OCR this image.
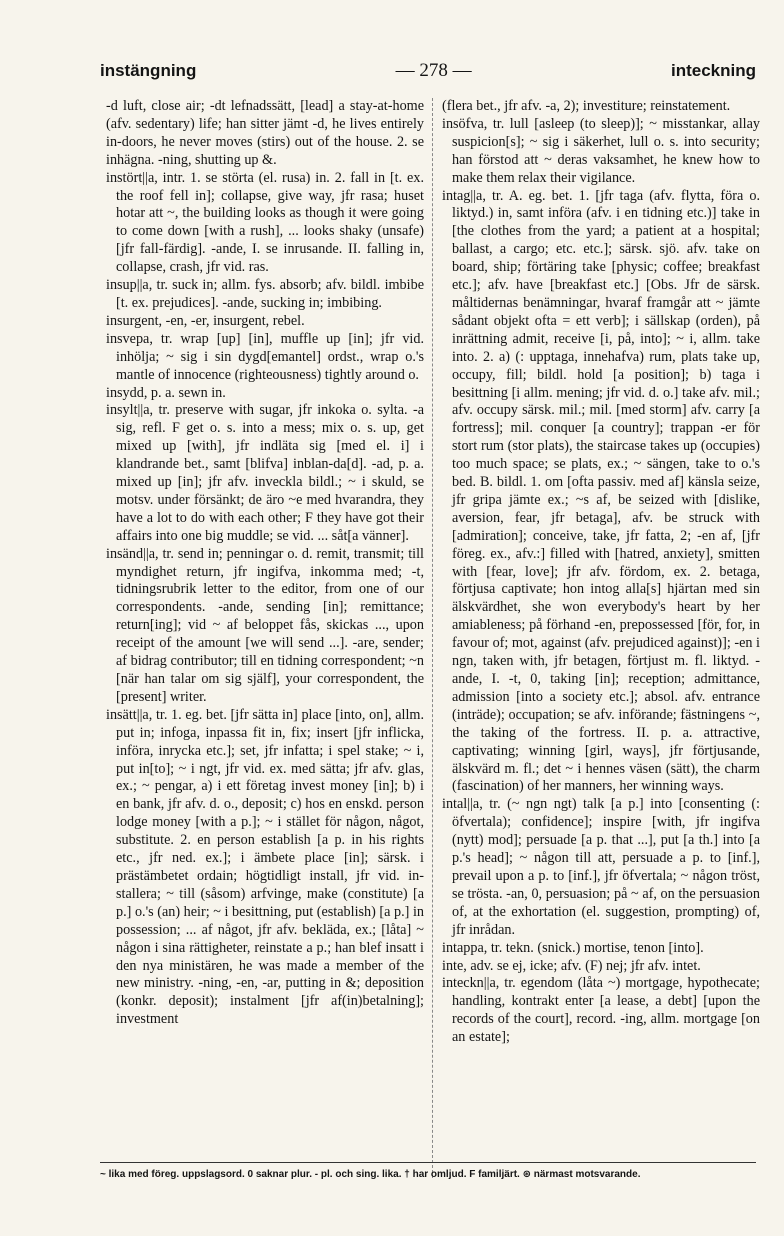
instängning	— 278 —	inteckning

-d luft, close air; -dt lefnadssätt, [lead] a stay-at-home (afv. sedentary) life; han sitter jämt -d, he lives entirely in-doors, he never moves (stirs) out of the house. 2. se inhägna. -ning, shutting up &.

instört||a, intr. 1. se störta (el. rusa) in. 2. fall in [t. ex. the roof fell in]; collapse, give way, jfr rasa; huset hotar att ~, the building looks as though it were going to come down [with a rush], ... looks shaky (unsafe) [jfr fall-färdig]. -ande, I. se inrusande. II. falling in, collapse, crash, jfr vid. ras.

insup||a, tr. suck in; allm. fys. absorb; afv. bildl. imbibe [t. ex. prejudices]. -ande, sucking in; imbibing.

insurgent, -en, -er, insurgent, rebel.

insvepa, tr. wrap [up] [in], muffle up [in]; jfr vid. inhölja; ~ sig i sin dygd[emantel] ordst., wrap o.'s mantle of innocence (righteousness) tightly around o.

insydd, p. a. sewn in.

insylt||a, tr. preserve with sugar, jfr inkoka o. sylta. -a sig, refl. F get o. s. into a mess; mix o. s. up, get mixed up [with], jfr indläta sig [med el. i] i klandrande bet., samt [blifva] inblan-da[d]. -ad, p. a. mixed up [in]; jfr afv. inveckla bildl.; ~ i skuld, se motsv. under försänkt; de äro ~e med hvarandra, they have a lot to do with each other; F they have got their affairs into one big muddle; se vid. ... såt[a vänner].

insänd||a, tr. send in; penningar o. d. remit, transmit; till myndighet return, jfr ingifva, inkomma med; -t, tidningsrubrik letter to the editor, from one of our correspondents. -ande, sending [in]; remittance; return[ing]; vid ~ af beloppet fås, skickas ..., upon receipt of the amount [we will send ...]. -are, sender; af bidrag contributor; till en tidning correspondent; ~n [när han talar om sig själf], your correspondent, the [present] writer.

insätt||a, tr. 1. eg. bet. [jfr sätta in] place [into, on], allm. put in; infoga, inpassa fit in, fix; insert [jfr inflicka, införa, inrycka etc.]; set, jfr infatta; i spel stake; ~ i, put in[to]; ~ i ngt, jfr vid. ex. med sätta; jfr afv. glas, ex.; ~ pengar, a) i ett företag invest money [in]; b) i en bank, jfr afv. d. o., deposit; c) hos en enskd. person lodge money [with a p.]; ~ i stället för någon, något, substitute. 2. en person establish [a p. in his rights etc., jfr ned. ex.]; i ämbete place [in]; särsk. i prästämbetet ordain; högtidligt install, jfr vid. in-stallera; ~ till (såsom) arfvinge, make (constitute) [a p.] o.'s (an) heir; ~ i besittning, put (establish) [a p.] in possession; ... af något, jfr afv. bekläda, ex.; [låta] ~ någon i sina rättigheter, reinstate a p.; han blef insatt i den nya ministären, he was made a member of the new ministry. -ning, -en, -ar, putting in &; deposition (konkr. deposit); instalment [jfr af(in)betalning]; investment

(flera bet., jfr afv. -a, 2); investiture; reinstatement.

insöfva, tr. lull [asleep (to sleep)]; ~ misstankar, allay suspicion[s]; ~ sig i säkerhet, lull o. s. into security; han förstod att ~ deras vaksamhet, he knew how to make them relax their vigilance.

intag||a, tr. A. eg. bet. 1. [jfr taga (afv. flytta, föra o. liktyd.) in, samt införa (afv. i en tidning etc.)] take in [the clothes from the yard; a patient at a hospital; ballast, a cargo; etc. etc.]; särsk. sjö. afv. take on board, ship; förtäring take [physic; coffee; breakfast etc.]; afv. have [breakfast etc.] [Obs. Jfr de särsk. måltidernas benämningar, hvaraf framgår att ~ jämte sådant objekt ofta = ett verb]; i sällskap (orden), på inrättning admit, receive [i, på, into]; ~ i, allm. take into. 2. a) (: upptaga, innehafva) rum, plats take up, occupy, fill; bildl. hold [a position]; b) taga i besittning [i allm. mening; jfr vid. d. o.] take afv. mil.; afv. occupy särsk. mil.; mil. [med storm] afv. carry [a fortress]; mil. conquer [a country]; trappan -er för stort rum (stor plats), the staircase takes up (occupies) too much space; se plats, ex.; ~ sängen, take to o.'s bed. B. bildl. 1. om [ofta passiv. med af] känsla seize, jfr gripa jämte ex.; ~s af, be seized with [dislike, aversion, fear, jfr betaga], afv. be struck with [admiration]; conceive, take, jfr fatta, 2; -en af, [jfr föreg. ex., afv.:] filled with [hatred, anxiety], smitten with [fear, love]; jfr afv. fördom, ex. 2. betaga, förtjusa captivate; hon intog alla[s] hjärtan med sin älskvärdhet, she won everybody's heart by her amiableness; på förhand -en, prepossessed [för, for, in favour of; mot, against (afv. prejudiced against)]; -en i ngn, taken with, jfr betagen, förtjust m. fl. liktyd. -ande, I. -t, 0, taking [in]; reception; admittance, admission [into a society etc.]; absol. afv. entrance (inträde); occupation; se afv. införande; fästningens ~, the taking of the fortress. II. p. a. attractive, captivating; winning [girl, ways], jfr förtjusande, älskvärd m. fl.; det ~ i hennes väsen (sätt), the charm (fascination) of her manners, her winning ways.

intal||a, tr. (~ ngn ngt) talk [a p.] into [consenting (: öfvertala); confidence]; inspire [with, jfr ingifva (nytt) mod]; persuade [a p. that ...], put [a th.] into [a p.'s head]; ~ någon till att, persuade a p. to [inf.], prevail upon a p. to [inf.], jfr öfvertala; ~ någon tröst, se trösta. -an, 0, persuasion; på ~ af, on the persuasion of, at the exhortation (el. suggestion, prompting) of, jfr inrådan.

intappa, tr. tekn. (snick.) mortise, tenon [into].

inte, adv. se ej, icke; afv. (F) nej; jfr afv. intet.

inteckn||a, tr. egendom (låta ~) mortgage, hypothecate; handling, kontrakt enter [a lease, a debt] [upon the records of the court], record. -ing, allm. mortgage [on an estate];

~ lika med föreg. uppslagsord. 0 saknar plur. - pl. och sing. lika. † har omljud. F familjärt. ⊛ närmast motsvarande.
